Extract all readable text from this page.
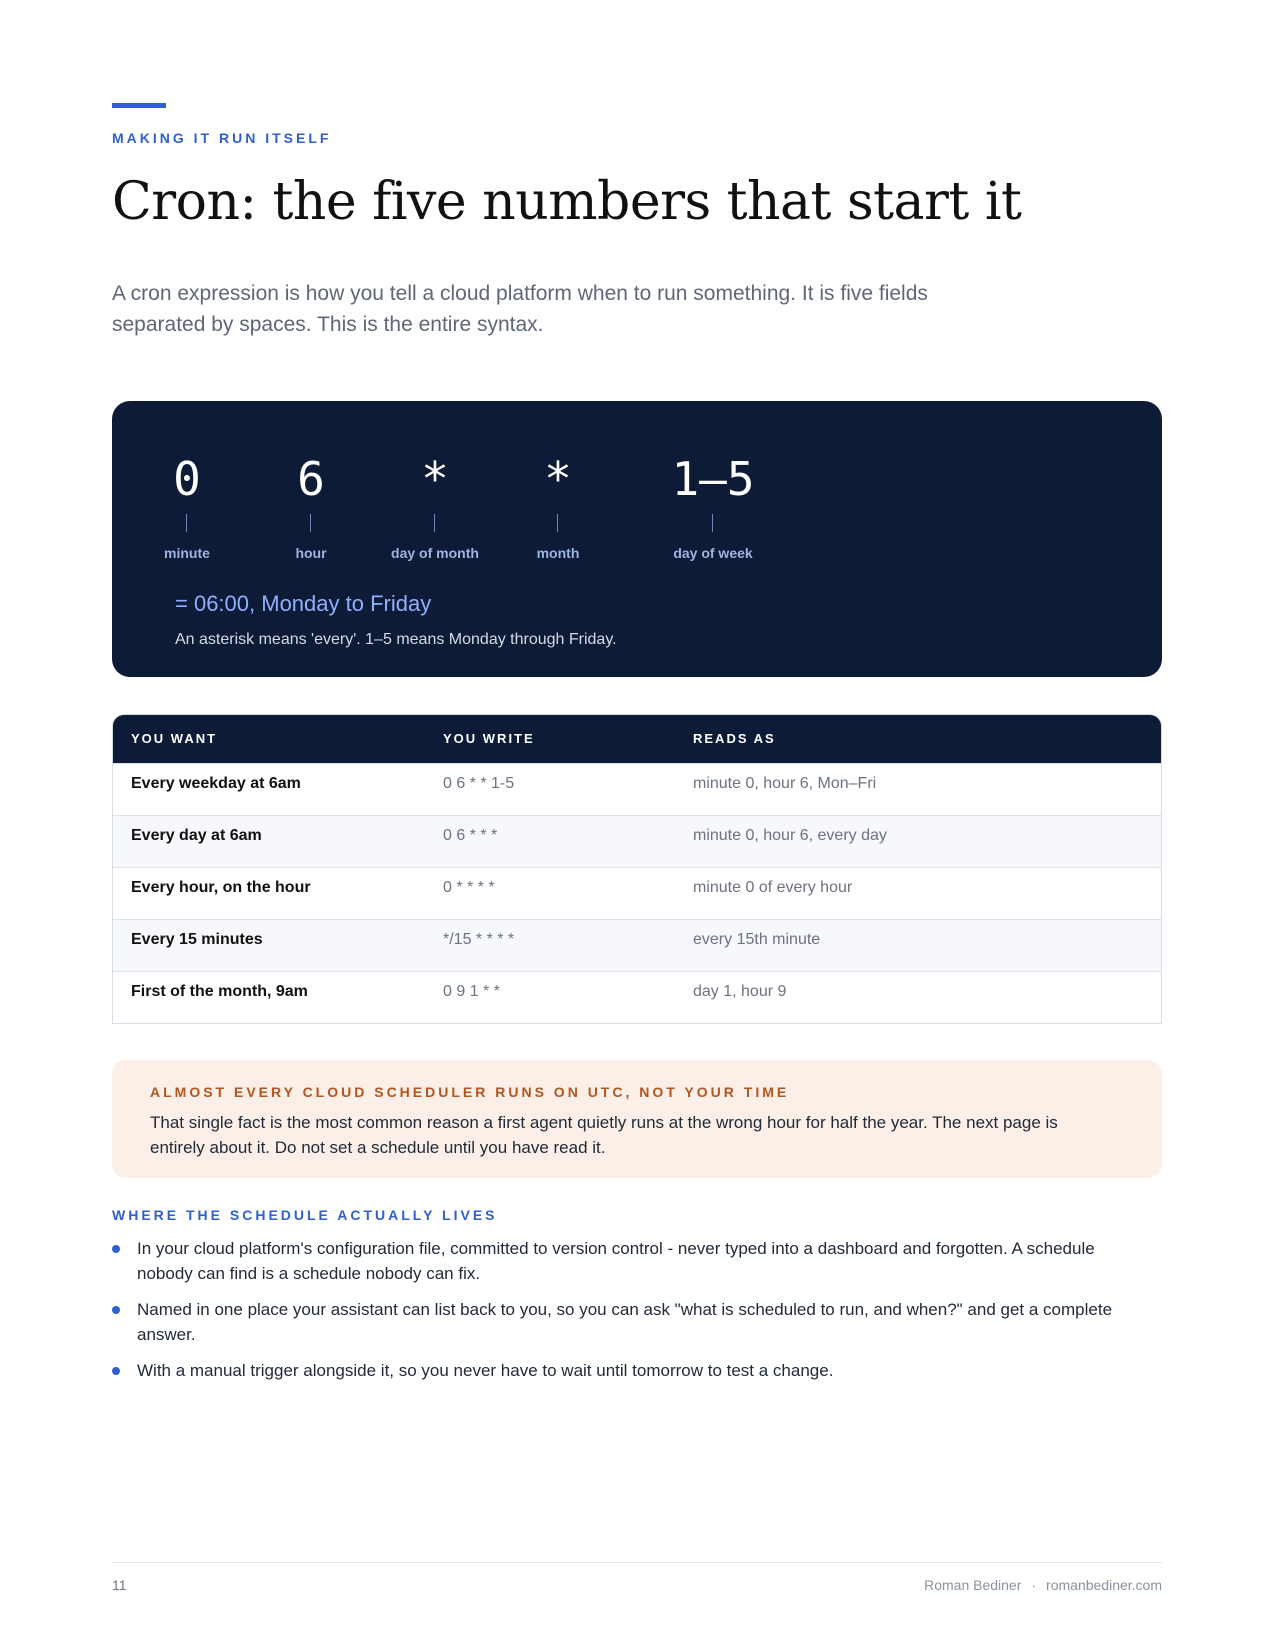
MAKING IT RUN ITSELF
Cron: the five numbers that start it

A cron expression is how you tell a cloud platform when to run something. It is five fields separated by spaces. This is the entire syntax.

0
minute
6
hour
*
day of month
*
month
1–5
day of week
= 06:00, Monday to Friday
An asterisk means 'every'. 1–5 means Monday through Friday.
YOU WANT	YOU WRITE	READS AS
Every weekday at 6am	0 6 * * 1-5	minute 0, hour 6, Mon–Fri
Every day at 6am	0 6 * * *	minute 0, hour 6, every day
Every hour, on the hour	0 * * * *	minute 0 of every hour
Every 15 minutes	*/15 * * * *	every 15th minute
First of the month, 9am	0 9 1 * *	day 1, hour 9
ALMOST EVERY CLOUD SCHEDULER RUNS ON UTC, NOT YOUR TIME

That single fact is the most common reason a first agent quietly runs at the wrong hour for half the year. The next page is entirely about it. Do not set a schedule until you have read it.

WHERE THE SCHEDULE ACTUALLY LIVES
In your cloud platform's configuration file, committed to version control - never typed into a dashboard and forgotten. A schedule nobody can find is a schedule nobody can fix.
Named in one place your assistant can list back to you, so you can ask "what is scheduled to run, and when?" and get a complete answer.
With a manual trigger alongside it, so you never have to wait until tomorrow to test a change.
11	Roman Bediner · romanbediner.com
